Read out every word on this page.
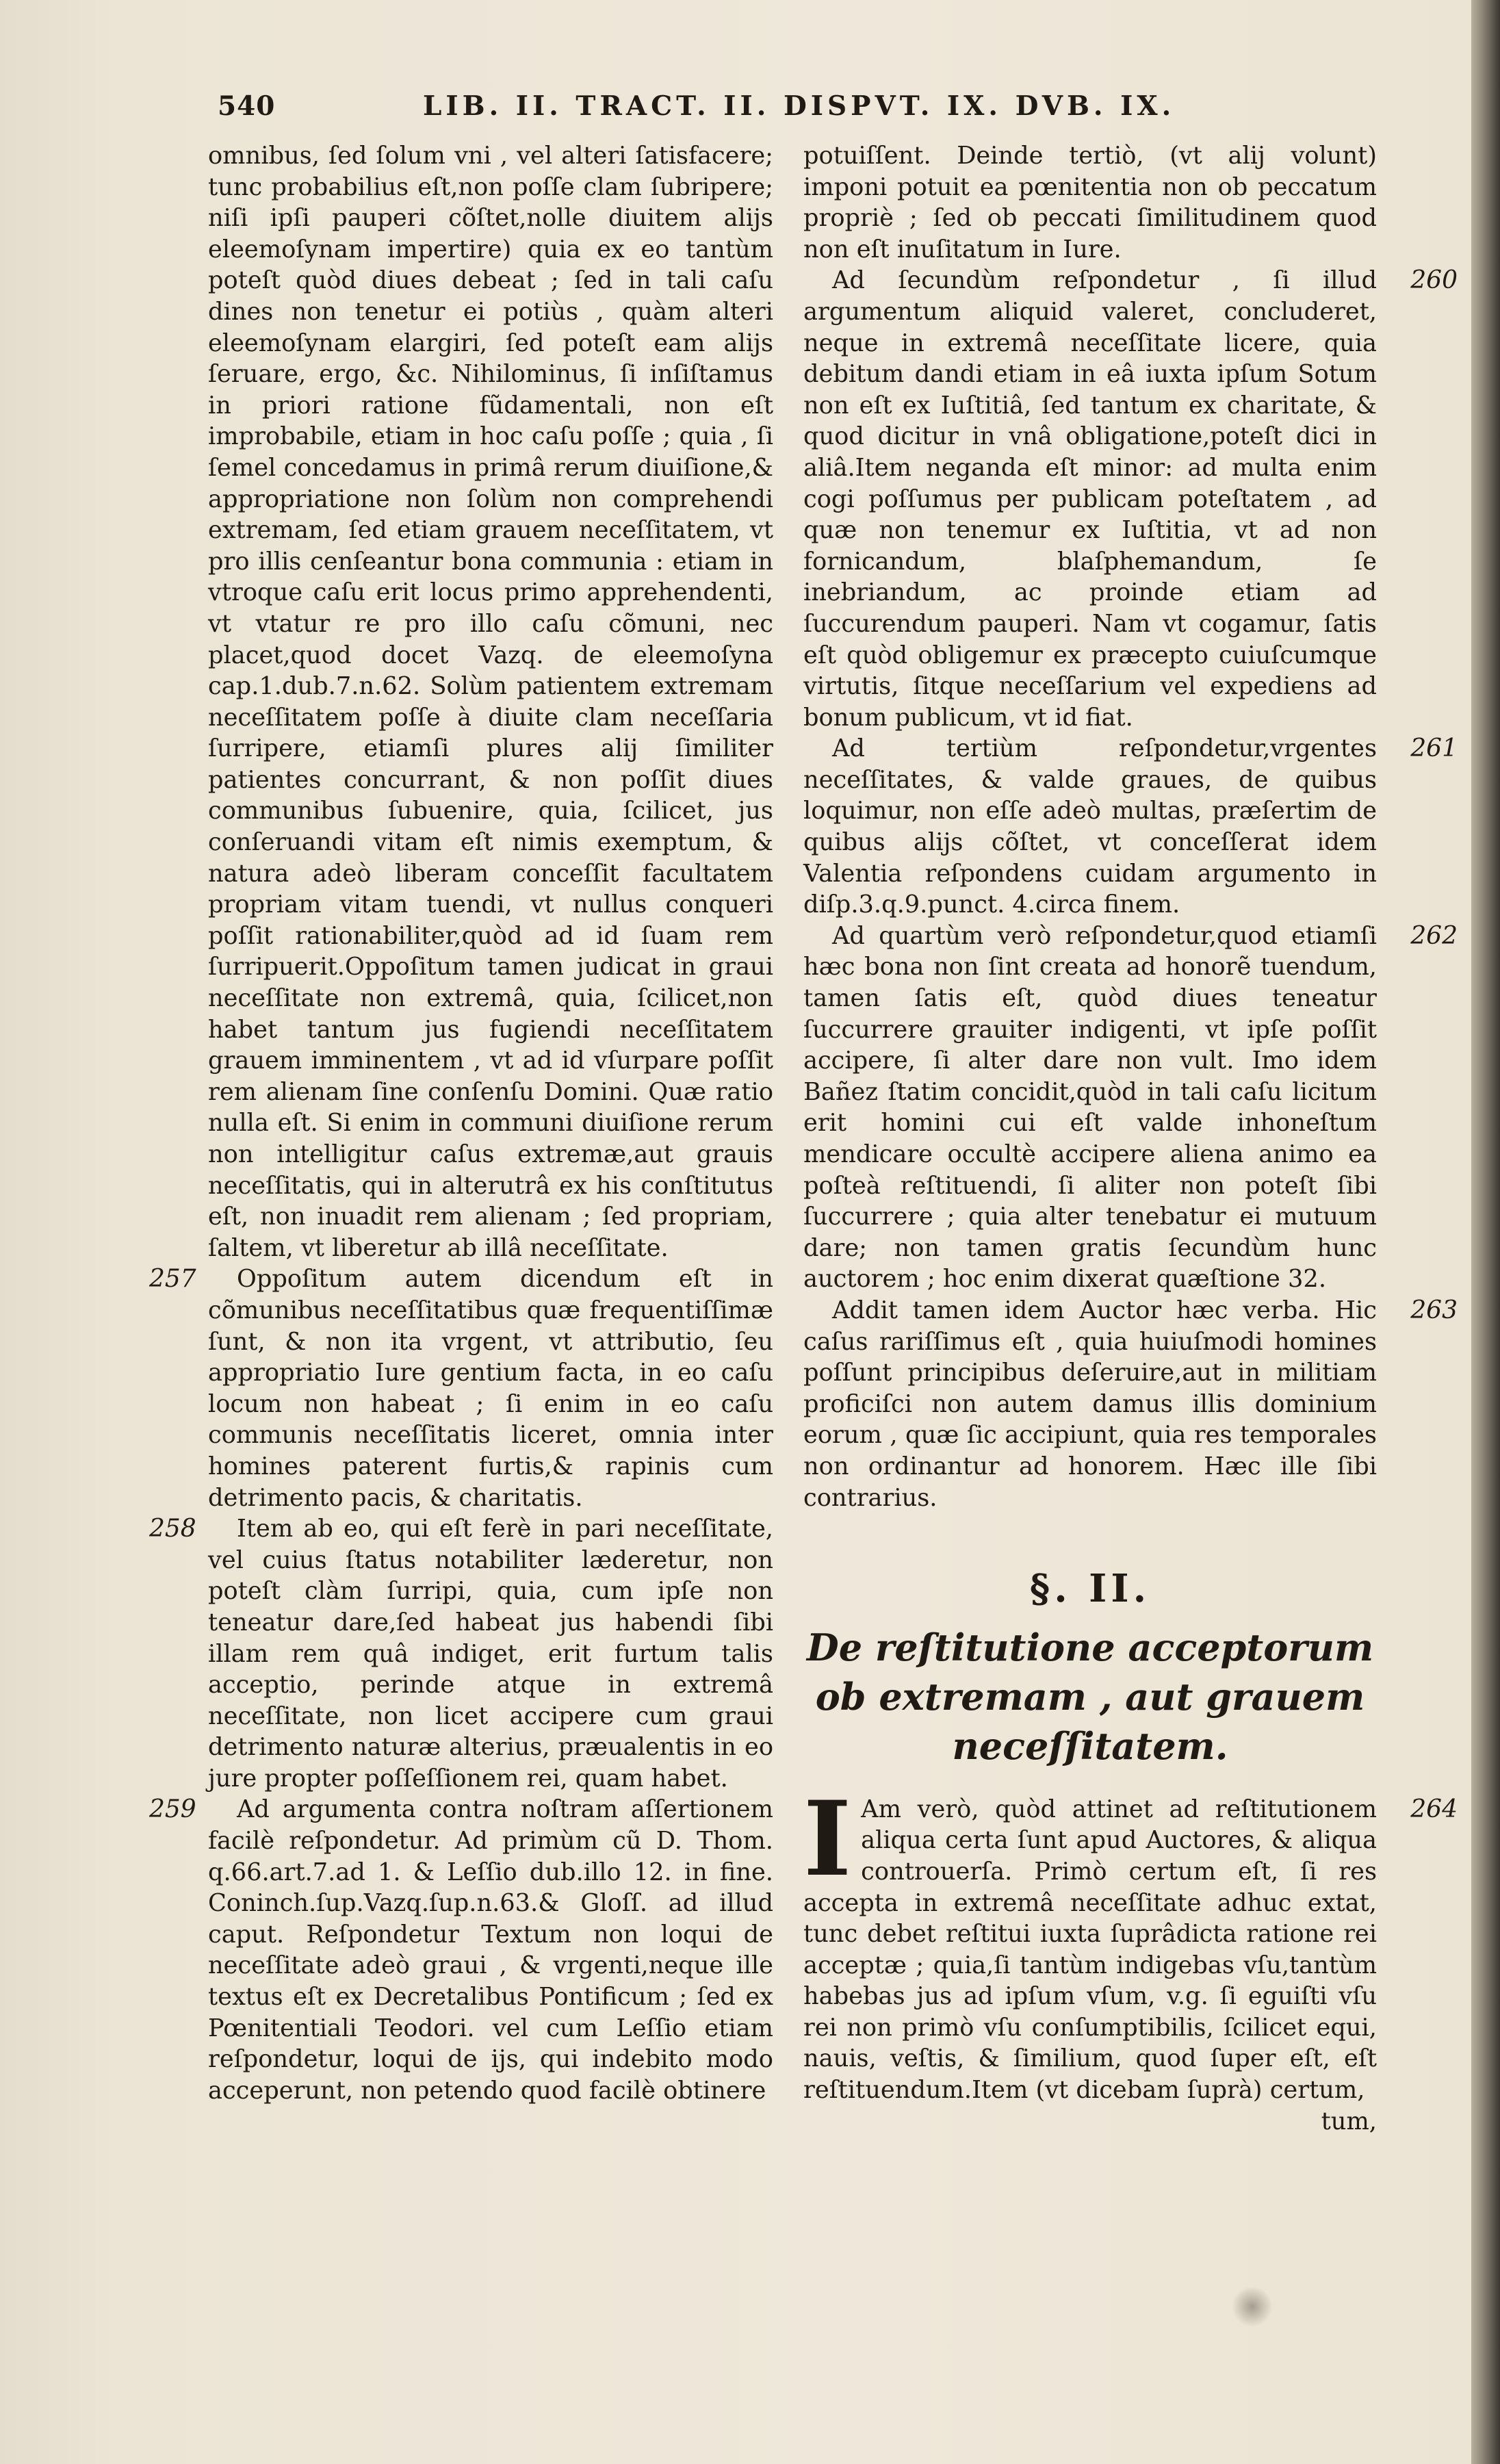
540	LIB. II. TRACT. II. DISPVT. IX. DVB. IX.

omnibus, ſed ſolum vni , vel alteri ſatisfacere; tunc probabilius eſt,non poſſe clam ſubripere; niſi ipſi pauperi cõſtet,nolle diuitem alijs eleemoſynam impertire) quia ex eo tantùm poteſt quòd diues debeat ; ſed in tali caſu dines non tenetur ei potiùs , quàm alteri eleemoſynam elargiri, ſed poteſt eam alijs ſeruare, ergo, &c. Nihilominus, ſi inſiſtamus in priori ratione fũdamentali, non eſt improbabile, etiam in hoc caſu poſſe ; quia , ſi ſemel concedamus in primâ rerum diuiſione,& appropriatione non ſolùm non comprehendi extremam, ſed etiam grauem neceſſitatem, vt pro illis cenſeantur bona communia : etiam in vtroque caſu erit locus primo apprehendenti, vt vtatur re pro illo caſu cõmuni, nec placet,quod docet Vazq. de eleemoſyna cap.1.dub.7.n.62. Solùm patientem extremam neceſſitatem poſſe à diuite clam neceſſaria ſurripere, etiamſi plures alij ſimiliter patientes concurrant, & non poſſit diues communibus ſubuenire, quia, ſcilicet, jus conſeruandi vitam eſt nimis exemptum, & natura adeò liberam conceſſit facultatem propriam vitam tuendi, vt nullus conqueri poſſit rationabiliter,quòd ad id ſuam rem ſurripuerit.Oppoſitum tamen judicat in graui neceſſitate non extremâ, quia, ſcilicet,non habet tantum jus fugiendi neceſſitatem grauem imminentem , vt ad id vſurpare poſſit rem alienam ſine conſenſu Domini. Quæ ratio nulla eſt. Si enim in communi diuiſione rerum non intelligitur caſus extremæ,aut grauis neceſſitatis, qui in alterutrâ ex his conſtitutus eſt, non inuadit rem alienam ; ſed propriam, ſaltem, vt liberetur ab illâ neceſſitate.

257	Oppoſitum autem dicendum eſt in cõmunibus neceſſitatibus quæ frequentiſſimæ ſunt, & non ita vrgent, vt attributio, ſeu appropriatio Iure gentium facta, in eo caſu locum non habeat ; ſi enim in eo caſu communis neceſſitatis liceret, omnia inter homines paterent furtis,& rapinis cum detrimento pacis, & charitatis.

258	Item ab eo, qui eſt ferè in pari neceſſitate, vel cuius ſtatus notabiliter læderetur, non poteſt clàm ſurripi, quia, cum ipſe non teneatur dare,ſed habeat jus habendi ſibi illam rem quâ indiget, erit furtum talis acceptio, perinde atque in extremâ neceſſitate, non licet accipere cum graui detrimento naturæ alterius, præualentis in eo jure propter poſſeſſionem rei, quam habet.

259	Ad argumenta contra noſtram aſſertionem facilè reſpondetur. Ad primùm cũ D. Thom. q.66.art.7.ad 1. & Leſſio dub.illo 12. in fine. Coninch.ſup.Vazq.ſup.n.63.& Gloſſ. ad illud caput. Reſpondetur Textum non loqui de neceſſitate adeò graui , & vrgenti,neque ille textus eſt ex Decretalibus Pontificum ; ſed ex Pœnitentiali Teodori. vel cum Leſſio etiam reſpondetur, loqui de ijs, qui indebito modo acceperunt, non petendo quod facilè obtinere

potuiſſent. Deinde tertiò, (vt alij volunt) imponi potuit ea pœnitentia non ob peccatum propriè ; ſed ob peccati ſimilitudinem quod non eſt inuſitatum in Iure.

260

Ad ſecundùm reſpondetur , ſi illud argumentum aliquid valeret, concluderet, neque in extremâ neceſſitate licere, quia debitum dandi etiam in eâ iuxta ipſum Sotum non eſt ex Iuſtitiâ, ſed tantum ex charitate, & quod dicitur in vnâ obligatione,poteſt dici in aliâ.Item neganda eſt minor: ad multa enim cogi poſſumus per publicam poteſtatem , ad quæ non tenemur ex Iuſtitia, vt ad non fornicandum, blaſphemandum, ſe inebriandum, ac proinde etiam ad ſuccurendum pauperi. Nam vt cogamur, ſatis eſt quòd obligemur ex præcepto cuiuſcumque virtutis, ſitque neceſſarium vel expediens ad bonum publicum, vt id fiat.

261

Ad tertiùm reſpondetur,vrgentes neceſſitates, & valde graues, de quibus loquimur, non eſſe adeò multas, præſertim de quibus alijs cõſtet, vt conceſſerat idem Valentia reſpondens cuidam argumento in diſp.3.q.9.punct. 4.circa finem.

262

Ad quartùm verò reſpondetur,quod etiamſi hæc bona non ſint creata ad honorẽ tuendum, tamen ſatis eſt, quòd diues teneatur ſuccurrere grauiter indigenti, vt ipſe poſſit accipere, ſi alter dare non vult. Imo idem Bañez ſtatim concidit,quòd in tali caſu licitum erit homini cui eſt valde inhoneſtum mendicare occultè accipere aliena animo ea poſteà reſtituendi, ſi aliter non poteſt ſibi ſuccurrere ; quia alter tenebatur ei mutuum dare; non tamen gratis ſecundùm hunc auctorem ; hoc enim dixerat quæſtione 32.

263

Addit tamen idem Auctor hæc verba. Hic caſus rariſſimus eſt , quia huiuſmodi homines poſſunt principibus deſeruire,aut in militiam proficiſci non autem damus illis dominium eorum , quæ ſic accipiunt, quia res temporales non ordinantur ad honorem. Hæc ille ſibi contrarius.

§. II.
De reſtitutione acceptorum ob extremam , aut grauem neceſſitatem.
264
I Am verò, quòd attinet ad reſtitutionem aliqua certa ſunt apud Auctores, & aliqua controuerſa. Primò certum eſt, ſi res accepta in extremâ neceſſitate adhuc extat, tunc debet reſtitui iuxta ſuprâdicta ratione rei acceptæ ; quia,ſi tantùm indigebas vſu,tantùm habebas jus ad ipſum vſum, v.g. ſi eguiſti vſu rei non primò vſu conſumptibilis, ſcilicet equi, nauis, veſtis, & ſimilium, quod ſuper eſt, eſt reſtituendum.Item (vt dicebam ſuprà) certum,

tum,
